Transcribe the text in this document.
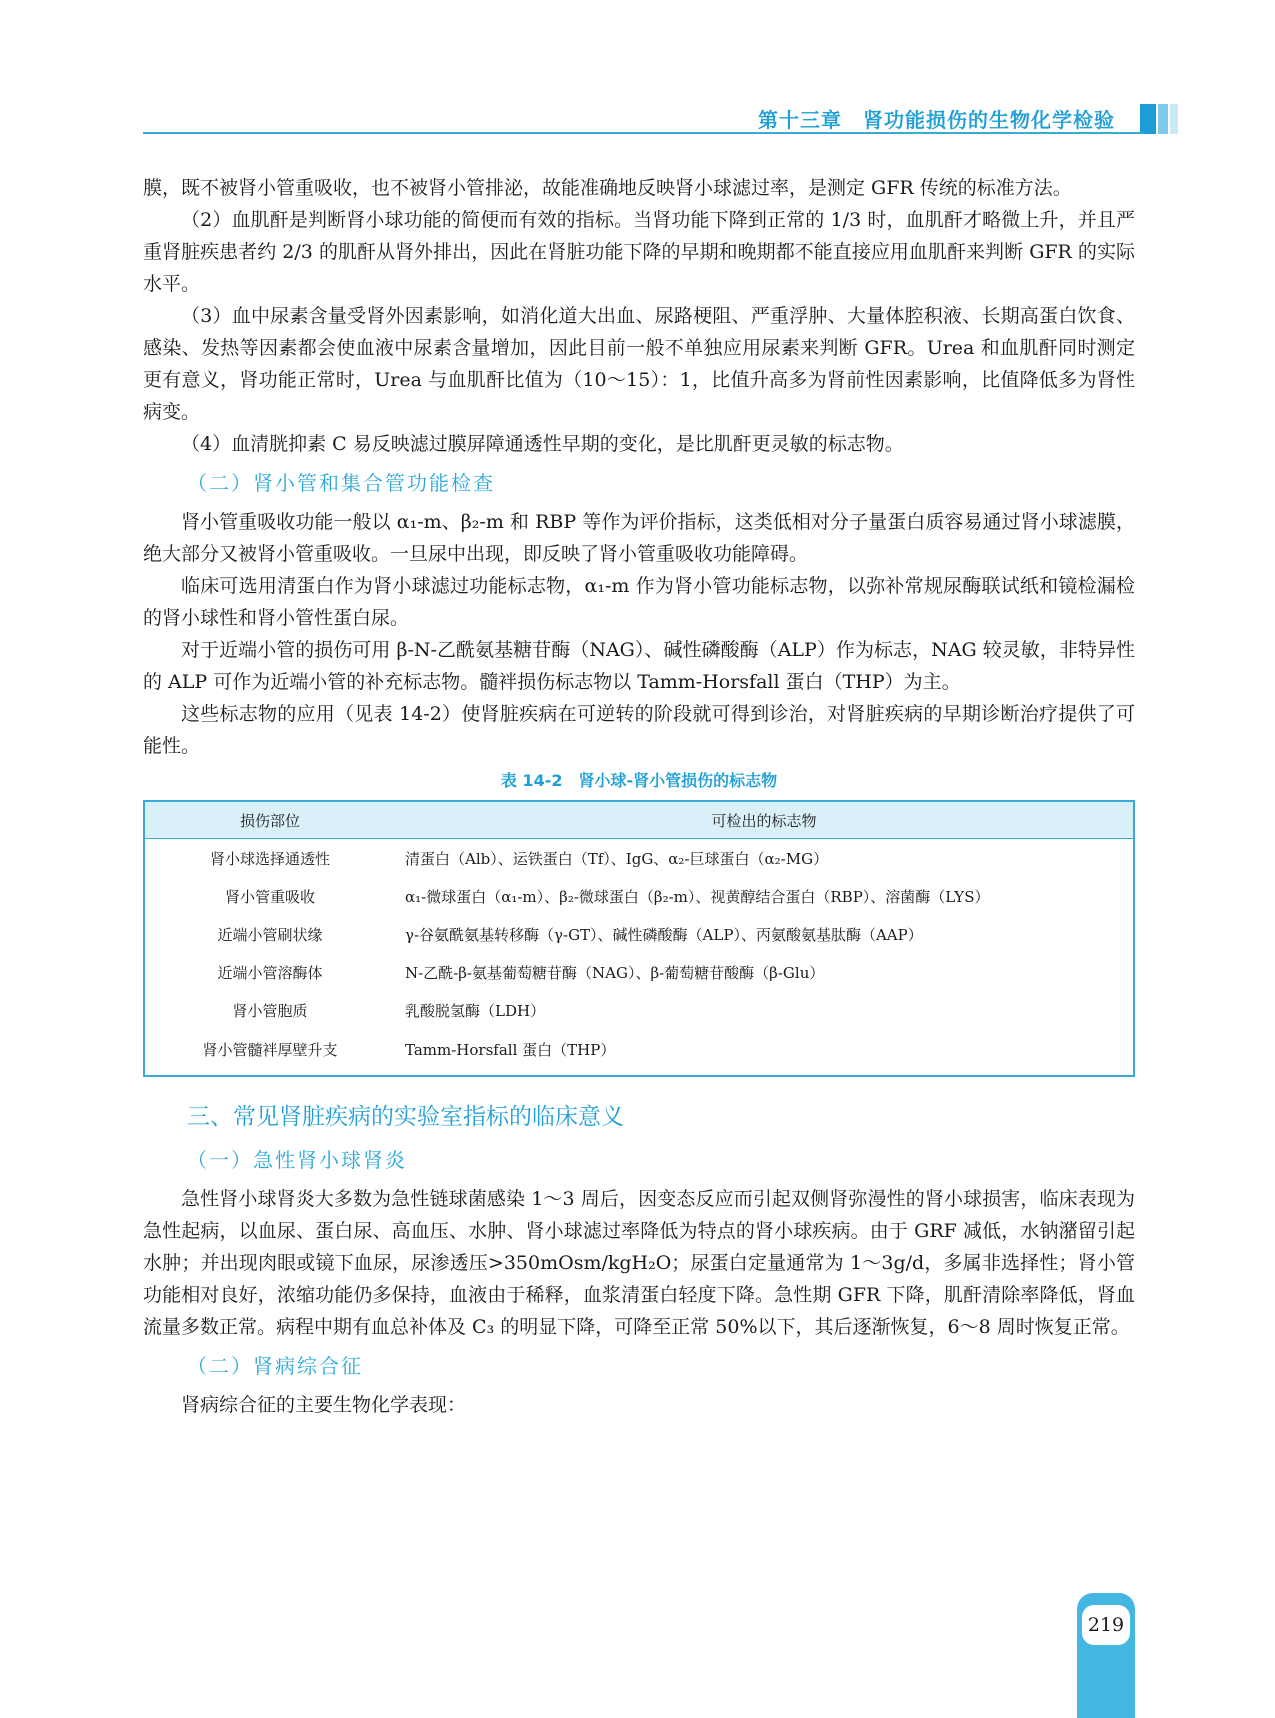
第十三章　肾功能损伤的生物化学检验

膜，既不被肾小管重吸收，也不被肾小管排泌，故能准确地反映肾小球滤过率，是测定 GFR 传统的标准方法。

（2）血肌酐是判断肾小球功能的简便而有效的指标。当肾功能下降到正常的 1/3 时，血肌酐才略微上升，并且严重肾脏疾患者约 2/3 的肌酐从肾外排出，因此在肾脏功能下降的早期和晚期都不能直接应用血肌酐来判断 GFR 的实际水平。

（3）血中尿素含量受肾外因素影响，如消化道大出血、尿路梗阻、严重浮肿、大量体腔积液、长期高蛋白饮食、感染、发热等因素都会使血液中尿素含量增加，因此目前一般不单独应用尿素来判断 GFR。Urea 和血肌酐同时测定更有意义，肾功能正常时，Urea 与血肌酐比值为（10～15）：1，比值升高多为肾前性因素影响，比值降低多为肾性病变。

（4）血清胱抑素 C 易反映滤过膜屏障通透性早期的变化，是比肌酐更灵敏的标志物。

（二）肾小管和集合管功能检查

肾小管重吸收功能一般以 α₁-m、β₂-m 和 RBP 等作为评价指标，这类低相对分子量蛋白质容易通过肾小球滤膜，绝大部分又被肾小管重吸收。一旦尿中出现，即反映了肾小管重吸收功能障碍。

临床可选用清蛋白作为肾小球滤过功能标志物，α₁-m 作为肾小管功能标志物，以弥补常规尿酶联试纸和镜检漏检的肾小球性和肾小管性蛋白尿。

对于近端小管的损伤可用 β-N-乙酰氨基糖苷酶（NAG）、碱性磷酸酶（ALP）作为标志，NAG 较灵敏，非特异性的 ALP 可作为近端小管的补充标志物。髓袢损伤标志物以 Tamm-Horsfall 蛋白（THP）为主。

这些标志物的应用（见表 14-2）使肾脏疾病在可逆转的阶段就可得到诊治，对肾脏疾病的早期诊断治疗提供了可能性。

表 14-2　肾小球-肾小管损伤的标志物
损伤部位	可检出的标志物
肾小球选择通透性	清蛋白（Alb）、运铁蛋白（Tf）、IgG、α₂-巨球蛋白（α₂-MG）
肾小管重吸收	α₁-微球蛋白（α₁-m）、β₂-微球蛋白（β₂-m）、视黄醇结合蛋白（RBP）、溶菌酶（LYS）
近端小管刷状缘	γ-谷氨酰氨基转移酶（γ-GT）、碱性磷酸酶（ALP）、丙氨酸氨基肽酶（AAP）
近端小管溶酶体	N-乙酰-β-氨基葡萄糖苷酶（NAG）、β-葡萄糖苷酸酶（β-Glu）
肾小管胞质	乳酸脱氢酶（LDH）
肾小管髓袢厚壁升支	Tamm-Horsfall 蛋白（THP）
三、常见肾脏疾病的实验室指标的临床意义
（一）急性肾小球肾炎

急性肾小球肾炎大多数为急性链球菌感染 1～3 周后，因变态反应而引起双侧肾弥漫性的肾小球损害，临床表现为急性起病，以血尿、蛋白尿、高血压、水肿、肾小球滤过率降低为特点的肾小球疾病。由于 GRF 减低，水钠潴留引起水肿；并出现肉眼或镜下血尿，尿渗透压>350mOsm/kgH₂O；尿蛋白定量通常为 1～3g/d，多属非选择性；肾小管功能相对良好，浓缩功能仍多保持，血液由于稀释，血浆清蛋白轻度下降。急性期 GFR 下降，肌酐清除率降低，肾血流量多数正常。病程中期有血总补体及 C₃ 的明显下降，可降至正常 50%以下，其后逐渐恢复，6～8 周时恢复正常。

（二）肾病综合征

肾病综合征的主要生物化学表现：

219
